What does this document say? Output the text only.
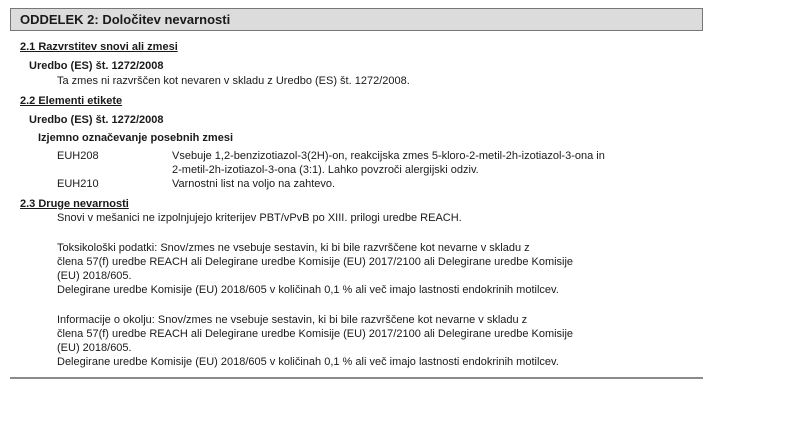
ODDELEK 2: Določitev nevarnosti
2.1 Razvrstitev snovi ali zmesi
Uredbo (ES) št. 1272/2008
Ta zmes ni razvrščen kot nevaren v skladu z Uredbo (ES) št. 1272/2008.
2.2 Elementi etikete
Uredbo (ES) št. 1272/2008
Izjemno označevanje posebnih zmesi
EUH208	Vsebuje 1,2-benzizotiazol-3(2H)-on, reakcijska zmes 5-kloro-2-metil-2h-izotiazol-3-ona in
2-metil-2h-izotiazol-3-ona (3:1). Lahko povzroči alergijski odziv.
EUH210	Varnostni list na voljo na zahtevo.
2.3 Druge nevarnosti
Snovi v mešanici ne izpolnjujejo kriterijev PBT/vPvB po XIII. prilogi uredbe REACH.
Toksikološki podatki: Snov/zmes ne vsebuje sestavin, ki bi bile razvrščene kot nevarne v skladu z
člena 57(f) uredbe REACH ali Delegirane uredbe Komisije (EU) 2017/2100 ali Delegirane uredbe Komisije
(EU) 2018/605.
Delegirane uredbe Komisije (EU) 2018/605 v količinah 0,1 % ali več imajo lastnosti endokrinih motilcev.
Informacije o okolju: Snov/zmes ne vsebuje sestavin, ki bi bile razvrščene kot nevarne v skladu z
člena 57(f) uredbe REACH ali Delegirane uredbe Komisije (EU) 2017/2100 ali Delegirane uredbe Komisije
(EU) 2018/605.
Delegirane uredbe Komisije (EU) 2018/605 v količinah 0,1 % ali več imajo lastnosti endokrinih motilcev.
